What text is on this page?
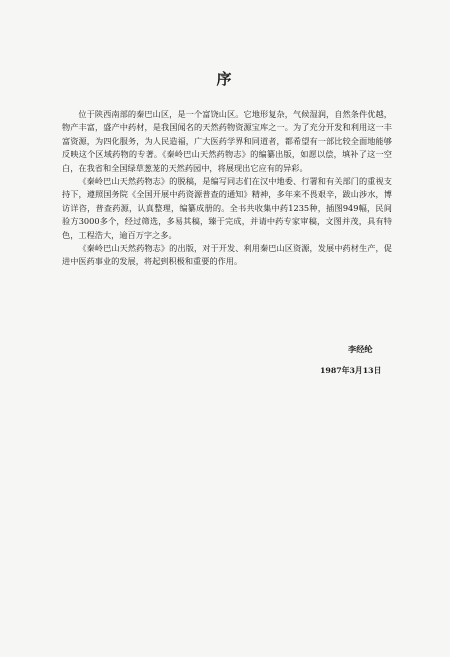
序

位于陕西南部的秦巴山区，是一个富饶山区。它地形复杂，气候湿润，自然条件优越，物产丰富，盛产中药材，是我国闻名的天然药物资源宝库之一。为了充分开发和利用这一丰富资源，为四化服务，为人民造福，广大医药学界和同道者，都希望有一部比较全面地能够反映这个区域药物的专著。《秦岭巴山天然药物志》的编纂出版，如愿以偿，填补了这一空白，在我省和全国绿草葱茏的天然药园中，将展现出它应有的异彩。

《秦岭巴山天然药物志》的脱稿，是编写同志们在汉中地委、行署和有关部门的重视支持下，遵照国务院《全国开展中药资源普查的通知》精神，多年来不畏艰辛，跋山涉水，博访详咨，普查药源，认真整理，编纂成册的。全书共收集中药1235种，插图949幅，民间验方3000多个，经过筛选，多易其稿，臻于完成，并请中药专家审稿，文图并茂，具有特色，工程浩大，逾百万字之多。

《秦岭巴山天然药物志》的出版，对于开发、利用秦巴山区资源，发展中药材生产，促进中医药事业的发展，将起到积极和重要的作用。

李经纶
1987年3月13日
